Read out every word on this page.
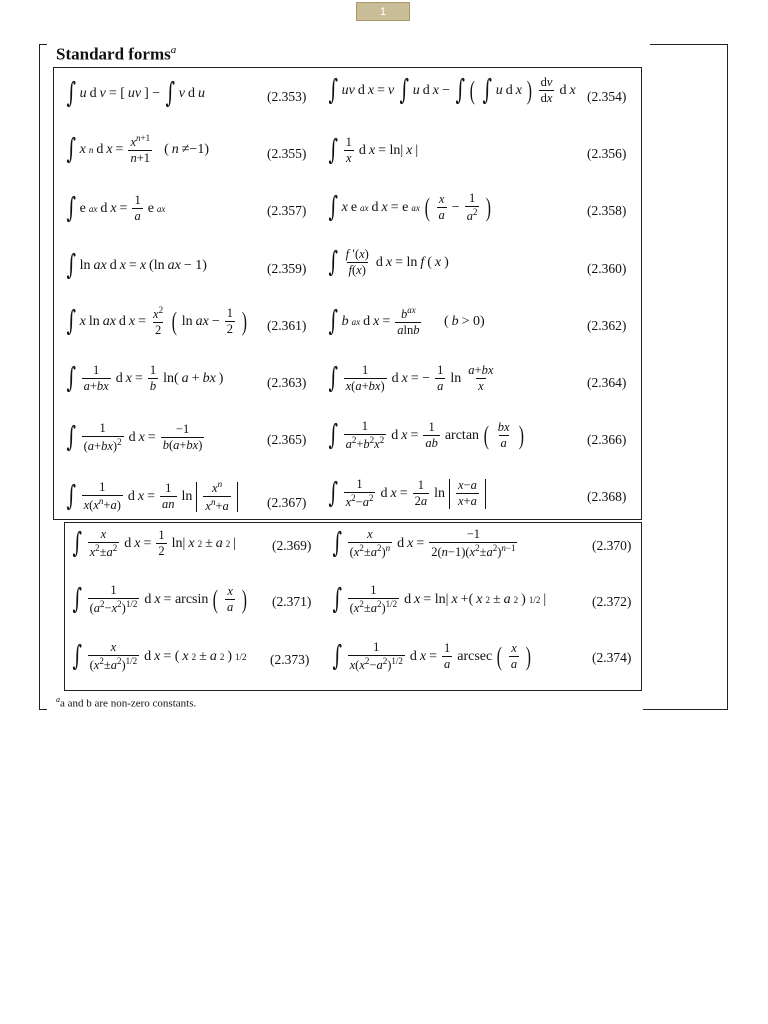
1
Standard forms$^a$
∫ u d v = [ uv ] − ∫ v d u	(2.353) ∫ uv d x = v ∫ u d x − ∫ ( ∫ u d x ) $\frac{dv}{dx}$ d x (2.354)
∫ x n d $x = \frac{x^{n+1}}{n+1}$ ( n ≠−1)	(2.355) ∫ $\frac{1}{x}$ d x = ln| x |	(2.356)
∫ e ax d $x = \frac{1}{a}$ e ax	(2.357) ∫ x e ax d x = e ax ( $\frac{x}{a} - \frac{1}{a^2}$ )	(2.358)
∫ ln ax d x = x (ln ax − 1)	(2.359) ∫ $\frac{f '(x)}{f(x)}$ d x = ln f ( x )	(2.360)
∫ x ln ax d $x = \frac{x^2}{2}$ ( ln ax − $\frac{1}{2}$ ) (2.361) ∫ b ax d $x = \frac{b^{ax}}{alnb}$ ( b > 0)	(2.362)
∫ $\frac{1}{a+bx}$ d $x = \frac{1}{b} \ln$( a + bx )	(2.363) ∫ $\frac{1}{x(a+bx)}$ d x = − $\frac{1}{a}$ $\ln \frac{a+bx}{x}$	(2.364)
∫ $\frac{1}{(a+bx)^2}$ d $x = \frac{-1}{b(a+bx)}$	(2.365) ∫ $\frac{1}{a^2+b^2x^2}$ d $x = \frac{1}{ab}$ arctan ( $\frac{bx}{a}$ )	(2.366)
∫ $\frac{1}{x(x^n+a)}$ d $x = \frac{1}{an}$ $\ln \frac{x^n}{x^n+a}$	(2.367) ∫ $\frac{1}{x^2-a^2}$ d $x = \frac{1}{2a}$ $\ln \frac{x-a}{x+a}$	(2.368)
∫ $\frac{x}{x^2\pm a^2}$ d $x = \frac{1}{2} \ln|$ x 2 ± a 2 |	(2.369) ∫ $\frac{x}{(x^2\pm a^2)^n}$ d $x = \frac{-1}{2(n-1)(x^2\pm a^2)^{n-1}}$	(2.370)
∫ $\frac{1}{(a^2-x^2)^{1/2}}$ d x = arcsin ( $\frac{x}{a}$ ) (2.371) ∫ $\frac{1}{(x^2\pm a^2)^{1/2}}$ d x = ln| x +( x 2 ± a 2 ) 1/2 |	(2.372)
∫ $\frac{x}{(x^2\pm a^2)^{1/2}}$ d x = ( x 2 ± a 2 ) 1/2 (2.373) ∫ $\frac{1}{x(x^2-a^2)^{1/2}}$ d $x = \frac{1}{a}$ arcsec ( $\frac{x}{a}$ )	(2.374)
$^a$a and b are non-zero constants.
